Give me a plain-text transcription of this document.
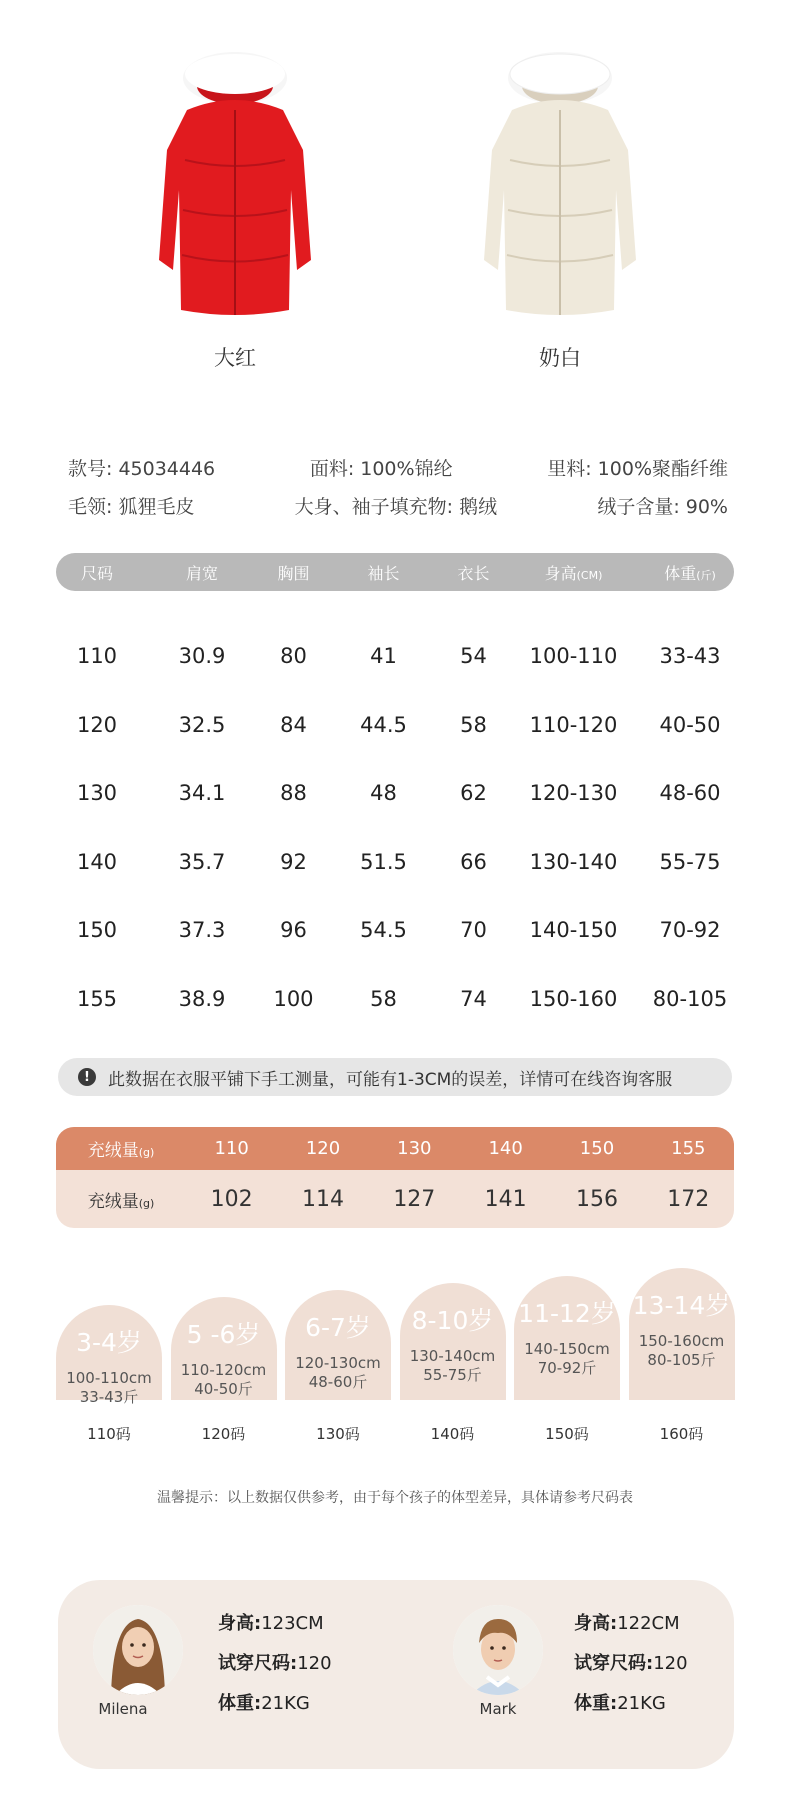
大红	奶白
款号: 45034446	面料: 100%锦纶	里料: 100%聚酯纤维
毛领: 狐狸毛皮	大身、袖子填充物: 鹅绒	绒子含量: 90%
尺码	肩宽	胸围	袖长	衣长	身高(CM)	体重(斤)
110	30.9	80	41	54	100-110	33-43
120	32.5	84	44.5	58	110-120	40-50
130	34.1	88	48	62	120-130	48-60
140	35.7	92	51.5	66	130-140	55-75
150	37.3	96	54.5	70	140-150	70-92
155	38.9	100	58	74	150-160	80-105
!	此数据在衣服平铺下手工测量，可能有1-3CM的误差，详情可在线咨询客服
充绒量(g)	110	120	130	140	150	155
充绒量(g)	102	114	127	141	156	172
3-4岁
100-110cm
33-43斤
110码
5 -6岁
110-120cm
40-50斤
120码
6-7岁
120-130cm
48-60斤
130码
8-10岁
130-140cm
55-75斤
140码
11-12岁
140-150cm
70-92斤
150码
13-14岁
150-160cm
80-105斤
160码
温馨提示：以上数据仅供参考，由于每个孩子的体型差异，具体请参考尺码表
Milena
身高:123CM
试穿尺码:120
体重:21KG	Mark
身高:122CM
试穿尺码:120
体重:21KG
